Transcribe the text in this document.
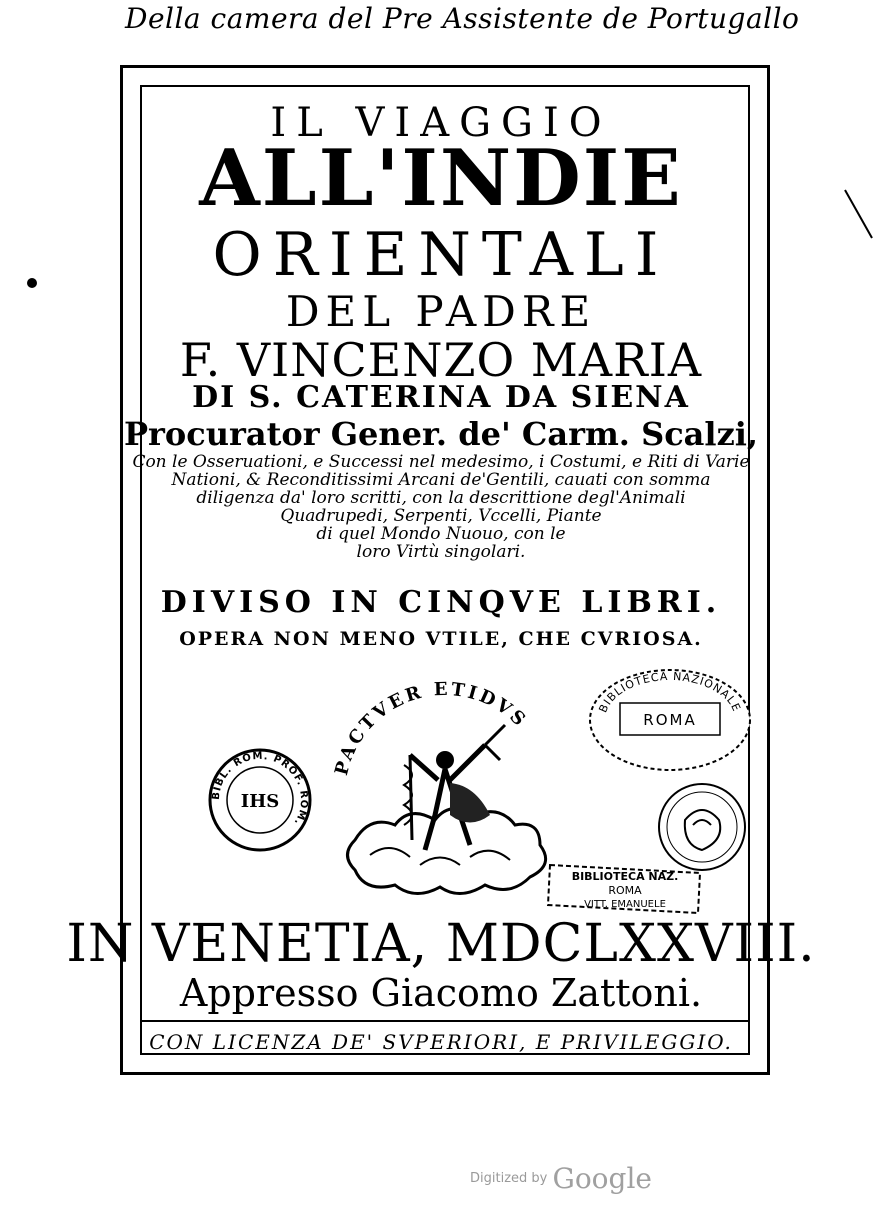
Della camera del Pre Assistente de Portugallo
IL VIAGGIO
ALL'INDIE
ORIENTALI
DEL PADRE
F. VINCENZO MARIA
DI S. CATERINA DA SIENA
Procurator Gener. de' Carm. Scalzi,
Con le Osseruationi, e Successi nel medesimo, i Costumi, e Riti di Varie
Nationi, & Reconditissimi Arcani de'Gentili, cauati con somma
diligenza da' loro scritti, con la descrittione degl'Animali
Quadrupedi, Serpenti, Vccelli, Piante
di quel Mondo Nuouo, con le
loro Virtù singolari.
DIVISO IN CINQVE LIBRI.
OPERA NON MENO VTILE, CHE CVRIOSA.
PACTVER ETIDVS
BIBL. ROM. PROF. ROM.
IHS
BIBLIOTECA NAZIONALE
ROMA
BIBLIOTECA NAZ.
ROMA
VITT. EMANUELE
IN VENETIA, MDCLXXVIII.
Appresso Giacomo Zattoni.
CON LICENZA DE' SVPERIORI, E PRIVILEGGIO.
Digitized by Google
